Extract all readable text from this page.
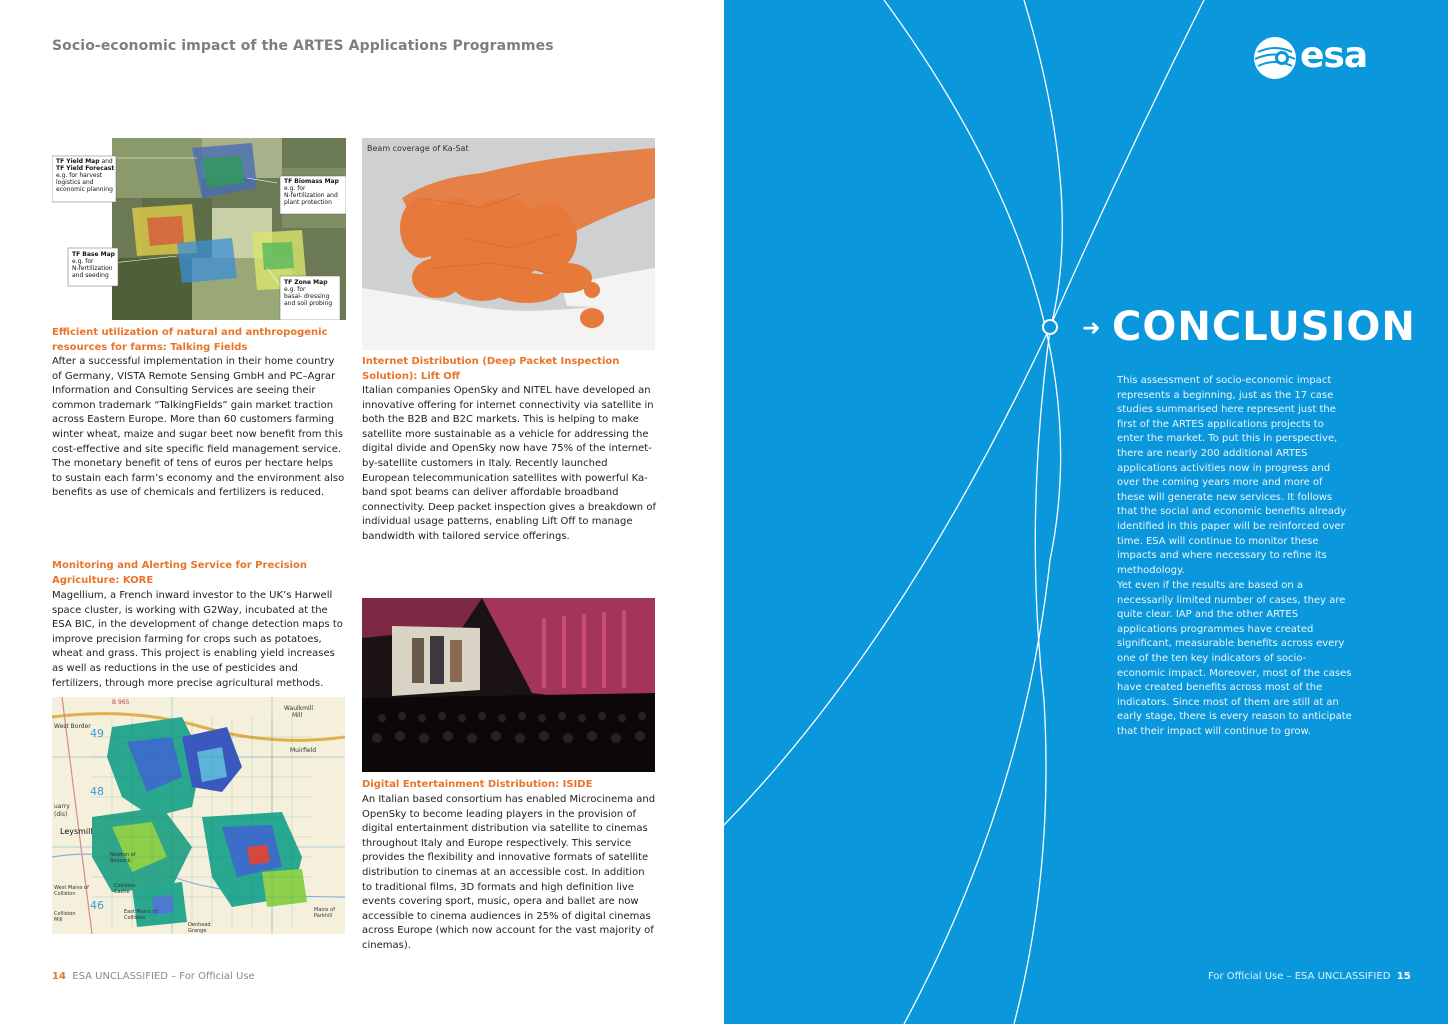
Socio-economic impact of the ARTES Applications Programmes
TF Yield Map and
TF Yield Forecast
e.g. for harvest
logistics and
economic planning
TF Biomass Map
e.g. for
N-fertilization and
plant protection
TF Base Map
e.g. for
N-fertilization
and seeding
TF Zone Map
e.g. for
basal- dressing
and soil probing
Efficient utilization of natural and anthropogenic resources for farms: Talking Fields

After a successful implementation in their home country of Germany, VISTA Remote Sensing GmbH and PC–Agrar Information and Consulting Services are seeing their common trademark “TalkingFields” gain market traction across Eastern Europe. More than 60 customers farming winter wheat, maize and sugar beet now benefit from this cost-effective and site specific field management service. The monetary benefit of tens of euros per hectare helps to sustain each farm’s economy and the environment also benefits as use of chemicals and fertilizers is reduced.

Beam coverage of Ka-Sat
Internet Distribution (Deep Packet Inspection Solution): Lift Off

Italian companies OpenSky and NITEL have developed an innovative offering for internet connectivity via satellite in both the B2B and B2C markets. This is helping to make satellite more sustainable as a vehicle for addressing the digital divide and OpenSky now have 75% of the internet-by-satellite customers in Italy. Recently launched European telecommunication satellites with powerful Ka-band spot beams can deliver affordable broadband connectivity. Deep packet inspection gives a breakdown of individual usage patterns, enabling Lift Off to manage bandwidth with tailored service offerings.

Monitoring and Alerting Service for Precision Agriculture: KORE

Magellium, a French inward investor to the UK’s Harwell space cluster, is working with G2Way, incubated at the ESA BIC, in the development of change detection maps to improve precision farming for crops such as potatoes, wheat and grass. This project is enabling yield increases as well as reductions in the use of pesticides and fertilizers, through more precise agricultural methods.

Digital Entertainment Distribution: ISIDE

An Italian based consortium has enabled Microcinema and OpenSky to become leading players in the provision of digital entertainment distribution via satellite to cinemas throughout Italy and Europe respectively. This service provides the flexibility and innovative formats of satellite distribution to cinemas at an accessible cost. In addition to traditional films, 3D formats and high definition live events covering sport, music, opera and ballet are now accessible to cinema audiences in 25% of digital cinemas across Europe (which now account for the vast majority of cinemas).

B 965
West Border
49
Waulkmill
Mill
Muirfield
48
uarry
(dis)
Leysmill
Newton of Boysack
West Mains of Colliston
Colliston Castle
Colliston Mill
East Mains of Colliston
Mains of Parkhill
Denhead Grange
46
14 ESA UNCLASSIFIED – For Official Use
esa
➜ CONCLUSION

This assessment of socio-economic impact represents a beginning, just as the 17 case studies summarised here represent just the first of the ARTES applications projects to enter the market. To put this in perspective, there are nearly 200 additional ARTES applications activities now in progress and over the coming years more and more of these will generate new services. It follows that the social and economic benefits already identified in this paper will be reinforced over time. ESA will continue to monitor these impacts and where necessary to refine its methodology.

Yet even if the results are based on a necessarily limited number of cases, they are quite clear. IAP and the other ARTES applications programmes have created significant, measurable benefits across every one of the ten key indicators of socio-economic impact. Moreover, most of the cases have created benefits across most of the indicators. Since most of them are still at an early stage, there is every reason to anticipate that their impact will continue to grow.

For Official Use – ESA UNCLASSIFIED 15
